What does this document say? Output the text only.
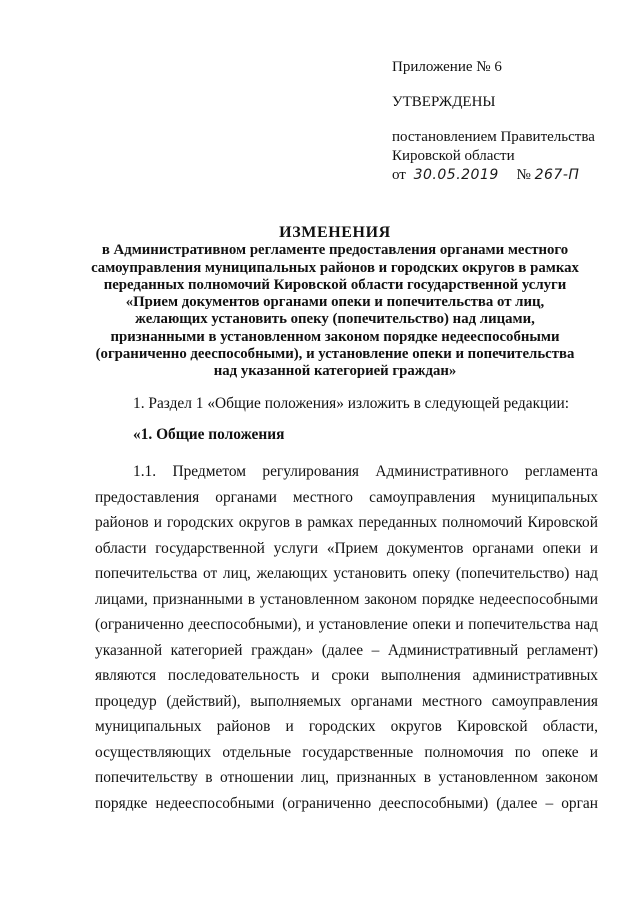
Приложение № 6
УТВЕРЖДЕНЫ
постановлением Правительства
Кировской области
от 30.05.2019 № 267-П
ИЗМЕНЕНИЯ
в Административном регламенте предоставления органами местного
самоуправления муниципальных районов и городских округов в рамках
переданных полномочий Кировской области государственной услуги
«Прием документов органами опеки и попечительства от лиц,
желающих установить опеку (попечительство) над лицами,
признанными в установленном законом порядке недееспособными
(ограниченно дееспособными), и установление опеки и попечительства
над указанной категорией граждан»

1. Раздел 1 «Общие положения» изложить в следующей редакции:

«1. Общие положения

1.1. Предметом регулирования Административного регламента предоставления органами местного самоуправления муниципальных районов и городских округов в рамках переданных полномочий Кировской области государственной услуги «Прием документов органами опеки и попечительства от лиц, желающих установить опеку (попечительство) над лицами, признанными в установленном законом порядке недееспособными (ограниченно дееспособными), и установление опеки и попечительства над указанной категорией граждан» (далее – Административный регламент) являются последовательность и сроки выполнения административных процедур (действий), выполняемых органами местного самоуправления муниципальных районов и городских округов Кировской области, осуществляющих отдельные государственные полномочия по опеке и попечительству в отношении лиц, признанных в установленном законом порядке недееспособными (ограниченно дееспособными) (далее – орган
